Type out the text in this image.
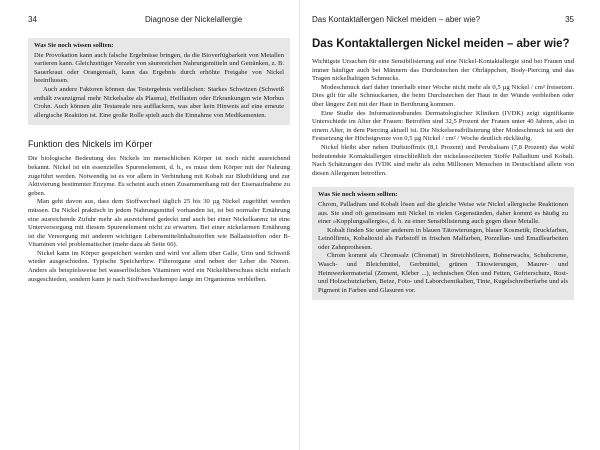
34	Diagnose der Nickelallergie
Was Sie noch wissen sollten:

Die Provokation kann auch falsche Ergebnisse bringen, da die Bioverfügbarkeit von Metallen variieren kann. Gleichzeitiger Verzehr von säurereichen Nahrungsmitteln und Getränken, z. B. Sauerkraut oder Orangensaft, kann das Ergebnis durch erhöhte Freigabe von Nickel beeinflussen.

Auch andere Faktoren können das Testergebnis verfälschen: Starkes Schwitzen (Schweiß enthält zwanzigmal mehr Nickelsalze als Plasma), Heilfasten oder Erkrankungen wie Morbus Crohn. Auch können alte Testareale neu aufflackern, was aber kein Hinweis auf eine erneute allergische Reaktion ist. Eine große Rolle spielt auch die Einnahme von Medikamenten.

Funktion des Nickels im Körper

Die biologische Bedeutung des Nickels im menschlichen Körper ist noch nicht ausreichend bekannt. Nickel ist ein essenzielles Spurenelement, d. h., es muss dem Körper mit der Nahrung zugeführt werden. Notwendig ist es vor allem in Verbindung mit Kobalt zur Blutbildung und zur Aktivierung bestimmter Enzyme. Es scheint auch einen Zusammenhang mit der Eisenaufnahme zu geben.

Man geht davon aus, dass dem Stoffwechsel täglich 25 bis 30 µg Nickel zugeführt werden müssen. Da Nickel praktisch in jedem Nahrungsmittel vorhanden ist, ist bei normaler Ernährung eine ausreichende Zufuhr mehr als ausreichend gedeckt und auch bei einer Nickelkarenz ist eine Unterversorgung mit diesem Spurenelement nicht zu erwarten. Bei einer nickelarmen Ernährung ist die Versorgung mit anderen wichtigen Lebensmittelinhaltsstoffen wie Ballaststoffen oder B-Vitaminen viel problematischer (mehr dazu ab Seite 66).

Nickel kann im Körper gespeichert werden und wird vor allem über Galle, Urin und Schweiß wieder ausgeschieden. Typische Speicherbzw. Filterorgane sind neben der Leber die Nieren. Anders als beispielsweise bei wasserlöslichen Vitaminen wird ein Nickelüberschuss nicht einfach ausgeschieden, sondern kann je nach Stoffwechseltempo lange im Organismus verbleiben.

Das Kontaktallergen Nickel meiden – aber wie?	35
Das Kontaktallergen Nickel meiden – aber wie?

Wichtigste Ursachen für eine Sensibilisierung auf eine Nickel-Kontaktallergie sind bei Frauen und immer häufiger auch bei Männern das Durchstechen der Ohrläppchen, Body-Piercing und das Tragen nickelhaltigen Schmucks.

Modeschmuck darf daher innerhalb einer Woche nicht mehr als 0,5 µg Nickel / cm² freisetzen. Dies gilt für alle Schmuckarten, die beim Durchstechen der Haut in der Wunde verbleiben oder über längere Zeit mit der Haut in Berührung kommen.

Eine Studie des Informationsbundes Dermatologischer Kliniken (IVDK) zeigt signifikante Unterschiede im Alter der Frauen: Betroffen sind 32,5 Prozent der Frauen unter 40 Jahren, also in einem Alter, in dem Piercing aktuell ist. Die Nickelsensibilisierung über Modeschmuck ist seit der Festsetzung der Höchstgrenze von 0,5 µg Nickel / cm² / Woche deutlich rückläufig.

Nickel bleibt aber neben Duftstoffmix (8,1 Prozent) und Perubalsam (7,8 Prozent) das wohl bedeutendste Kontaktallergen einschließlich der nickelassoziierten Stoffe Palladium und Kobalt. Nach Schätzungen des IVDK sind mehr als zehn Millionen Menschen in Deutschland allein von diesen Allergenen betroffen.

Was Sie noch wissen sollten:

Chrom, Palladium und Kobalt lösen auf die gleiche Weise wie Nickel allergische Reaktionen aus. Sie sind oft gemeinsam mit Nickel in vielen Gegenständen, daher kommt es häufig zu einer »Kopplungsallergie«, d. h. zu einer Sensibilisierung auch gegen diese Metalle.

Kobalt finden Sie unter anderem in blauen Tätowierungen, blauer Kosmetik, Druckfarben, Leinölfirnis, Kobaltoxid als Farbstoff in frischen Malfarben, Porzellan- und Emaillearbeiten oder Zahnprothesen.

Chrom kommt als Chromsalz (Chromat) in Streichhölzern, Bohnerwachs, Schuhcreme, Wasch- und Bleichmittel, Gerbmittel, grünen Tätowierungen, Maurer- und Heimwerkermaterial (Zement, Kleber ...), technischen Ölen und Fetten, Gefrierschutz, Rost- und Holzschutzfarben, Beize, Foto- und Laborchemikalien, Tinte, Kugelschreiberfarbe und als Pigment in Farben und Glasuren vor.
